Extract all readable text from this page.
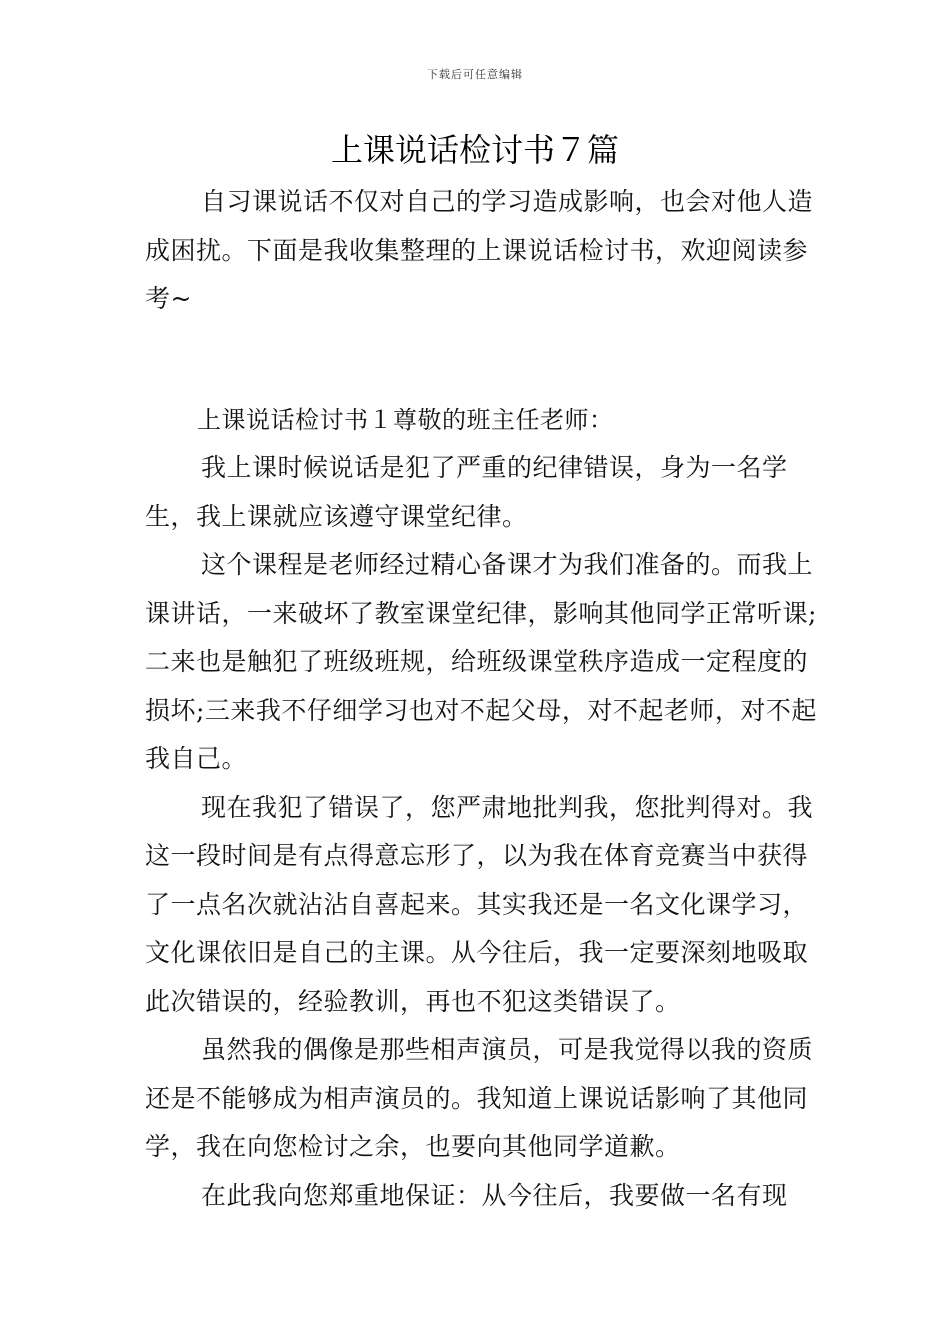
下载后可任意编辑
上课说话检讨书７篇

自习课说话不仅对自己的学习造成影响，也会对他人造成困扰。下面是我收集整理的上课说话检讨书，欢迎阅读参考~

上课说话检讨书１尊敬的班主任老师：

我上课时候说话是犯了严重的纪律错误，身为一名学生，我上课就应该遵守课堂纪律。

这个课程是老师经过精心备课才为我们准备的。而我上课讲话，一来破坏了教室课堂纪律，影响其他同学正常听课;二来也是触犯了班级班规，给班级课堂秩序造成一定程度的损坏;三来我不仔细学习也对不起父母，对不起老师，对不起我自己。

现在我犯了错误了，您严肃地批判我，您批判得对。我这一段时间是有点得意忘形了，以为我在体育竞赛当中获得了一点名次就沾沾自喜起来。其实我还是一名文化课学习，文化课依旧是自己的主课。从今往后，我一定要深刻地吸取此次错误的，经验教训，再也不犯这类错误了。

虽然我的偶像是那些相声演员，可是我觉得以我的资质还是不能够成为相声演员的。我知道上课说话影响了其他同学，我在向您检讨之余，也要向其他同学道歉。

在此我向您郑重地保证：从今往后，我要做一名有现
